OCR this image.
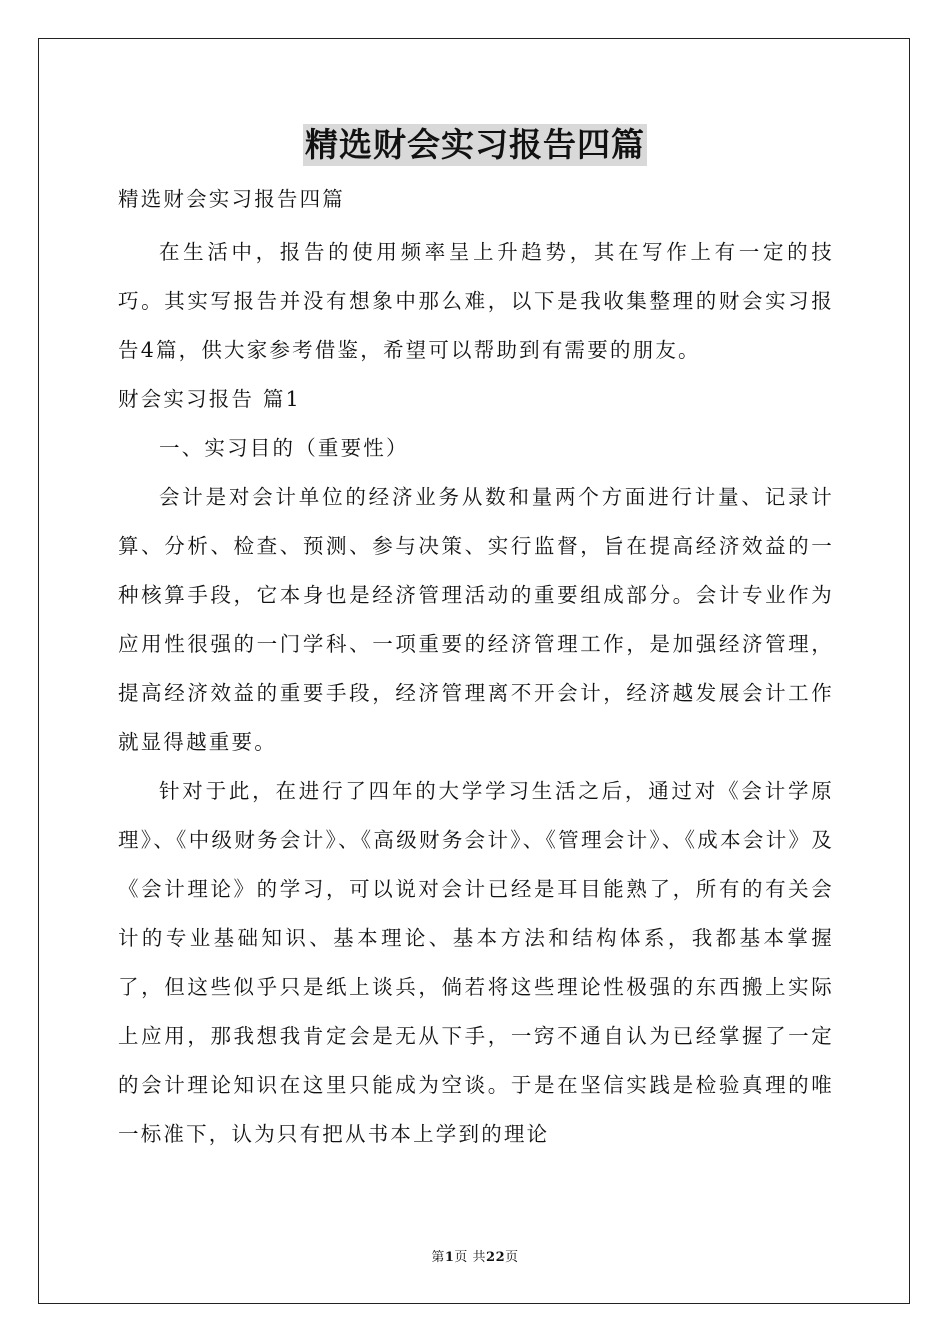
精选财会实习报告四篇
精选财会实习报告四篇

在生活中，报告的使用频率呈上升趋势，其在写作上有一定的技巧。其实写报告并没有想象中那么难，以下是我收集整理的财会实习报告4篇，供大家参考借鉴，希望可以帮助到有需要的朋友。

财会实习报告 篇1
一、实习目的（重要性）

会计是对会计单位的经济业务从数和量两个方面进行计量、记录计算、分析、检查、预测、参与决策、实行监督，旨在提高经济效益的一种核算手段，它本身也是经济管理活动的重要组成部分。会计专业作为应用性很强的一门学科、一项重要的经济管理工作，是加强经济管理，提高经济效益的重要手段，经济管理离不开会计，经济越发展会计工作就显得越重要。

针对于此，在进行了四年的大学学习生活之后，通过对《会计学原理》、《中级财务会计》、《高级财务会计》、《管理会计》、《成本会计》及《会计理论》的学习，可以说对会计已经是耳目能熟了，所有的有关会计的专业基础知识、基本理论、基本方法和结构体系，我都基本掌握了，但这些似乎只是纸上谈兵，倘若将这些理论性极强的东西搬上实际上应用，那我想我肯定会是无从下手，一窍不通自认为已经掌握了一定的会计理论知识在这里只能成为空谈。于是在坚信实践是检验真理的唯一标准下，认为只有把从书本上学到的理论

第1页 共22页
